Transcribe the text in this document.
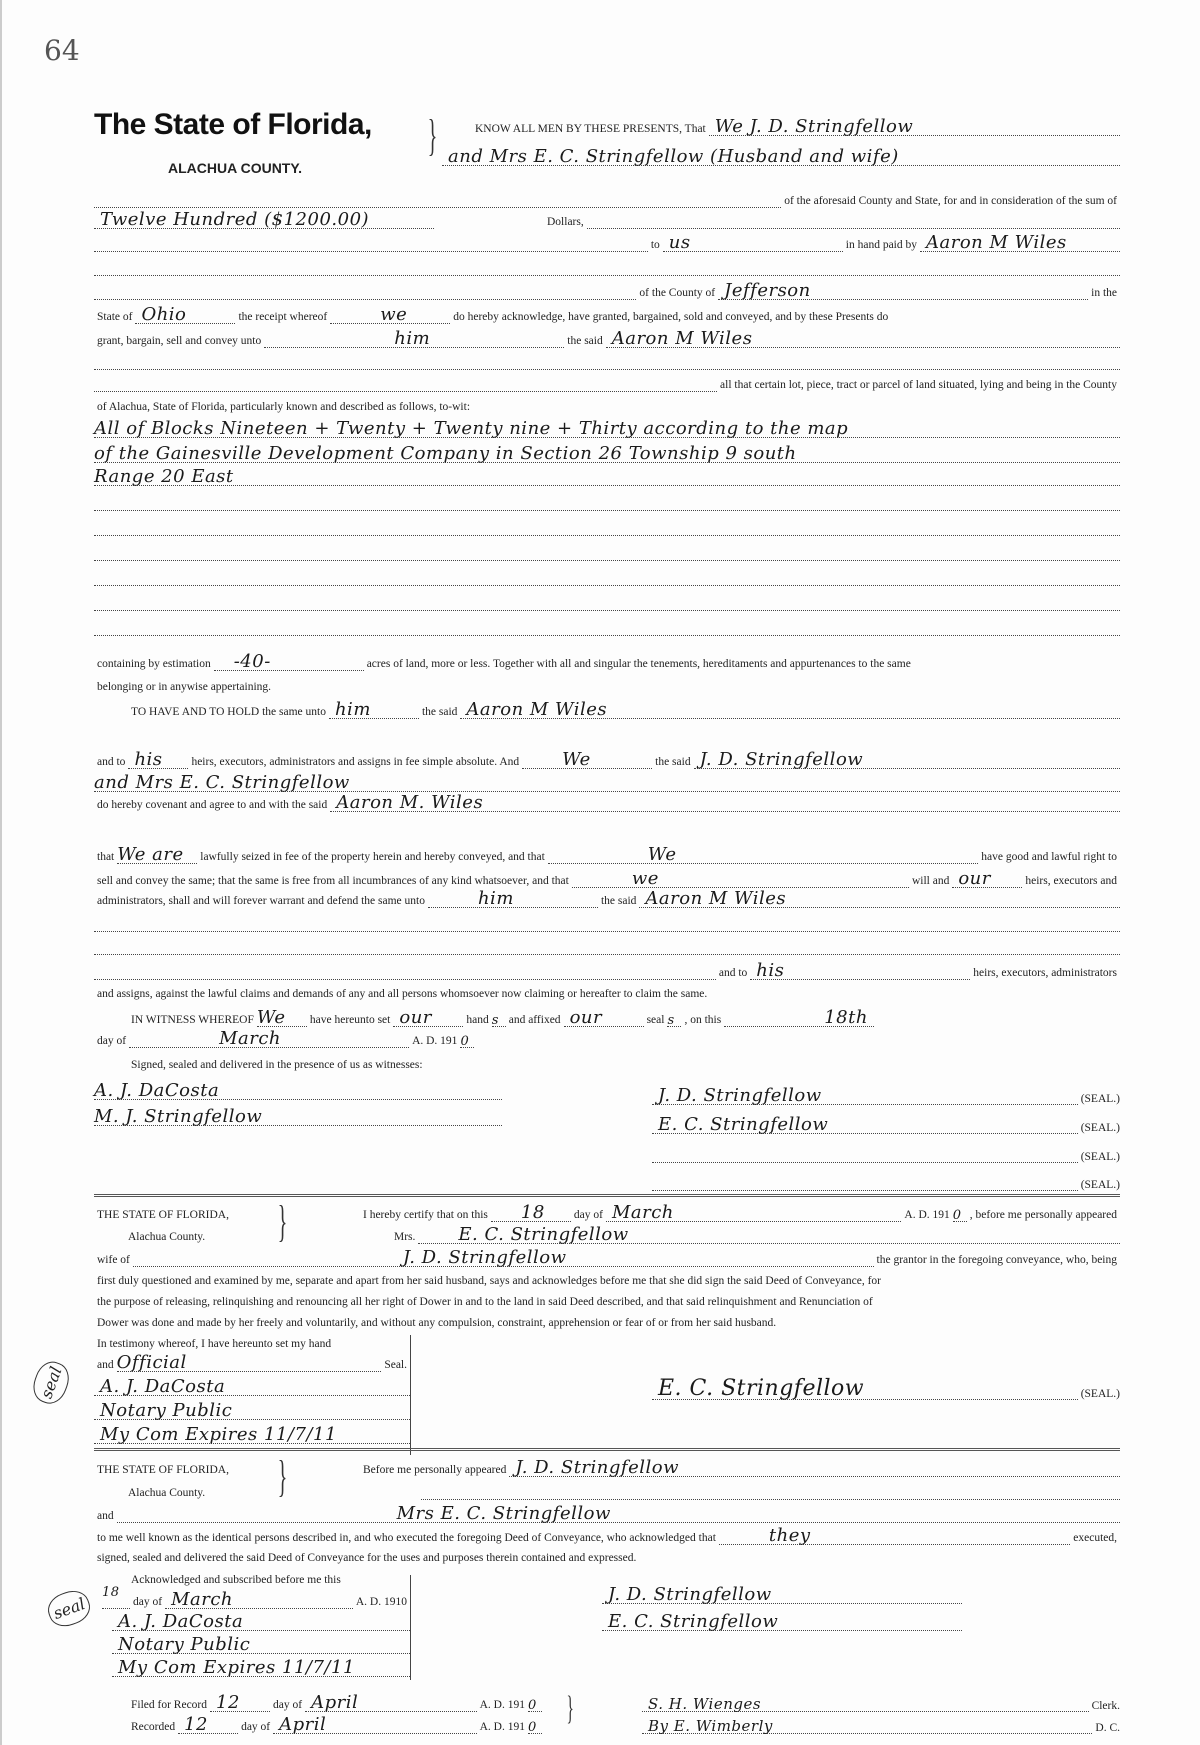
64
The State of Florida,
ALACHUA COUNTY.
}	KNOW ALL MEN BY THESE PRESENTS, That We J. D. Stringfellow
and Mrs E. C. Stringfellow (Husband and wife)
of the aforesaid County and State, for and in consideration of the sum of
Twelve Hundred ($1200.00)	Dollars,
to us	in hand paid by Aaron M Wiles
of the County of Jefferson	in the
State of Ohio	the receipt whereof	we	do hereby acknowledge, have granted, bargained, sold and conveyed, and by these Presents do
grant, bargain, sell and convey unto	him	the said Aaron M Wiles
all that certain lot, piece, tract or parcel of land situated, lying and being in the County
of Alachua, State of Florida, particularly known and described as follows, to-wit:
All of Blocks Nineteen + Twenty + Twenty nine + Thirty according to the map
of the Gainesville Development Company in Section 26 Township 9 south
Range 20 East
containing by estimation -40-	acres of land, more or less. Together with all and singular the tenements, hereditaments and appurtenances to the same
belonging or in anywise appertaining.
TO HAVE AND TO HOLD the same unto him	the said Aaron M Wiles
and to his	heirs, executors, administrators and assigns in fee simple absolute. And We	the said J. D. Stringfellow
and Mrs E. C. Stringfellow
do hereby covenant and agree to and with the said Aaron M. Wiles
that We are lawfully seized in fee of the property herein and hereby conveyed, and that	We	have good and lawful right to
sell and convey the same; that the same is free from all incumbrances of any kind whatsoever, and that	we	will and our	heirs, executors and
administrators, shall and will forever warrant and defend the same unto	him	the said Aaron M Wiles
and to his	heirs, executors, administrators
and assigns, against the lawful claims and demands of any and all persons whomsoever now claiming or hereafter to claim the same.
IN WITNESS WHEREOF We have hereunto set our	hand s and affixed our	seal s , on this	18th
day of	March	A. D. 191 0
Signed, sealed and delivered in the presence of us as witnesses:
A. J. DaCosta
M. J. Stringfellow
J. D. Stringfellow	(SEAL.)
E. C. Stringfellow	(SEAL.)
(SEAL.)
(SEAL.)
THE STATE OF FLORIDA,	I hereby certify that on this 18	day of March	A. D. 191 0 , before me personally appeared
}
Alachua County.	Mrs. E. C. Stringfellow
wife of	J. D. Stringfellow	the grantor in the foregoing conveyance, who, being
first duly questioned and examined by me, separate and apart from her said husband, says and acknowledges before me that she did sign the said Deed of Conveyance, for
the purpose of releasing, relinquishing and renouncing all her right of Dower in and to the land in said Deed described, and that said relinquishment and Renunciation of
Dower was done and made by her freely and voluntarily, and without any compulsion, constraint, apprehension or fear of or from her said husband.
In testimony whereof, I have hereunto set my hand
and Official	Seal.
A. J. DaCosta
Notary Public
My Com Expires 11/7/11
seal	E. C. Stringfellow	(SEAL.)
THE STATE OF FLORIDA,	Before me personally appeared J. D. Stringfellow
}
Alachua County.
and	Mrs E. C. Stringfellow
to me well known as the identical persons described in, and who executed the foregoing Deed of Conveyance, who acknowledged that	they	executed,
signed, sealed and delivered the said Deed of Conveyance for the uses and purposes therein contained and expressed.
Acknowledged and subscribed before me this
18
day of March	A. D. 1910
A. J. DaCosta
Notary Public
My Com Expires 11/7/11
seal	J. D. Stringfellow
E. C. Stringfellow
Filed for Record 12	day of April	A. D. 191 0
Recorded 12	day of April	A. D. 191 0
}	S. H. Wienges	Clerk.
By E. Wimberly	D. C.
